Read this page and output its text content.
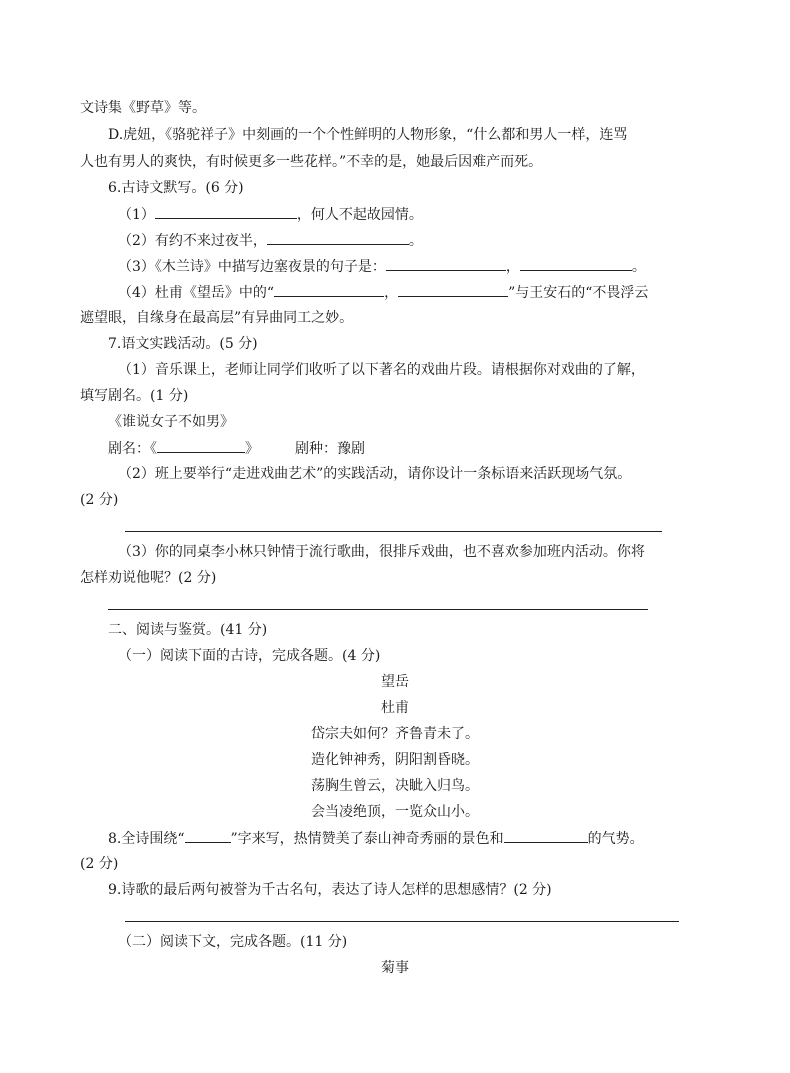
文诗集《野草》等。
D.虎妞，《骆驼祥子》中刻画的一个个性鲜明的人物形象，“什么都和男人一样，连骂
人也有男人的爽快，有时候更多一些花样。”不幸的是，她最后因难产而死。
6.古诗文默写。(6 分)
（1）	，何人不起故园情。
（2）有约不来过夜半，	。
（3）《木兰诗》中描写边塞夜景的句子是：	，	。
（4）杜甫《望岳》中的“	，	”与王安石的“不畏浮云
遮望眼，自缘身在最高层”有异曲同工之妙。
7.语文实践活动。(5 分)
（1）音乐课上，老师让同学们收听了以下著名的戏曲片段。请根据你对戏曲的了解，
填写剧名。(1 分)
《谁说女子不如男》
剧名：《	》	剧种：豫剧
（2）班上要举行“走进戏曲艺术”的实践活动，请你设计一条标语来活跃现场气氛。
(2 分)
（3）你的同桌李小林只钟情于流行歌曲，很排斥戏曲，也不喜欢参加班内活动。你将
怎样劝说他呢？(2 分)
二、阅读与鉴赏。(41 分)
（一）阅读下面的古诗，完成各题。(4 分)
望岳
杜甫
岱宗夫如何？齐鲁青未了。
造化钟神秀，阴阳割昏晓。
荡胸生曾云，决眦入归鸟。
会当凌绝顶，一览众山小。
8.全诗围绕“	”字来写，热情赞美了泰山神奇秀丽的景色和	的气势。
(2 分)
9.诗歌的最后两句被誉为千古名句，表达了诗人怎样的思想感情？(2 分)
（二）阅读下文，完成各题。(11 分)
菊事
